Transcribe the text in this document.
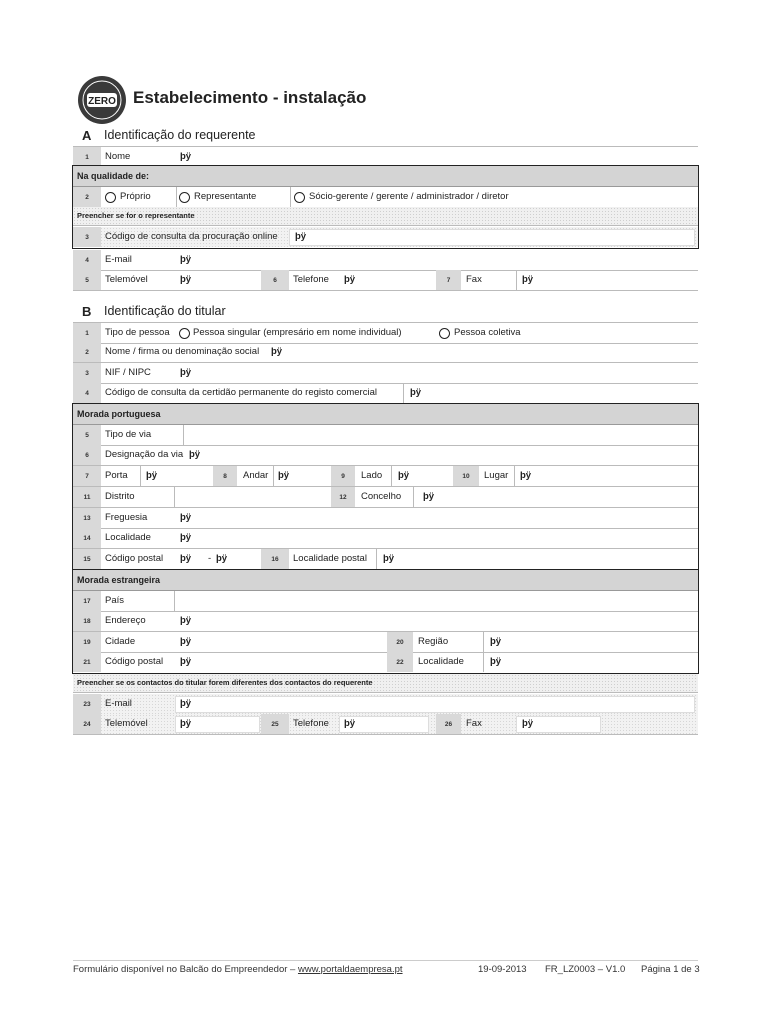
ZERO Estabelecimento - instalação
A Identificação do requerente
1	Nome	þÿ
Na qualidade de:
2	Próprio	Representante	Sócio-gerente / gerente / administrador / diretor
Preencher se for o representante
3	Código de consulta da procuração online þÿ
4	E-mail	þÿ
5	Telemóvel	þÿ	6	Telefone þÿ	7	Fax	þÿ
B Identificação do titular
1	Tipo de pessoa Pessoa singular (empresário em nome individual)	Pessoa coletiva
2	Nome / firma ou denominação social þÿ
3	NIF / NIPC	þÿ
4	Código de consulta da certidão permanente do registo comercial	þÿ
Morada portuguesa
5	Tipo de via
6	Designação da via þÿ
7	Porta þÿ	8	Andar þÿ	9	Lado þÿ	10	Lugar þÿ
11	Distrito	12	Concelho þÿ
13	Freguesia	þÿ
14	Localidade	þÿ
15	Código postal þÿ - þÿ	16	Localidade postal þÿ
Morada estrangeira
17	País
18	Endereço	þÿ
19	Cidade	þÿ	20	Região	þÿ
21	Código postal þÿ	22	Localidade	þÿ
Preencher se os contactos do titular forem diferentes dos contactos do requerente
23	E-mail	þÿ
24	Telemóvel	þÿ	25	Telefone þÿ	26	Fax	þÿ
Formulário disponível no Balcão do Empreendedor – www.portaldaempresa.pt	19-09-2013 FR_LZ0003 – V1.0 Página 1 de 3
